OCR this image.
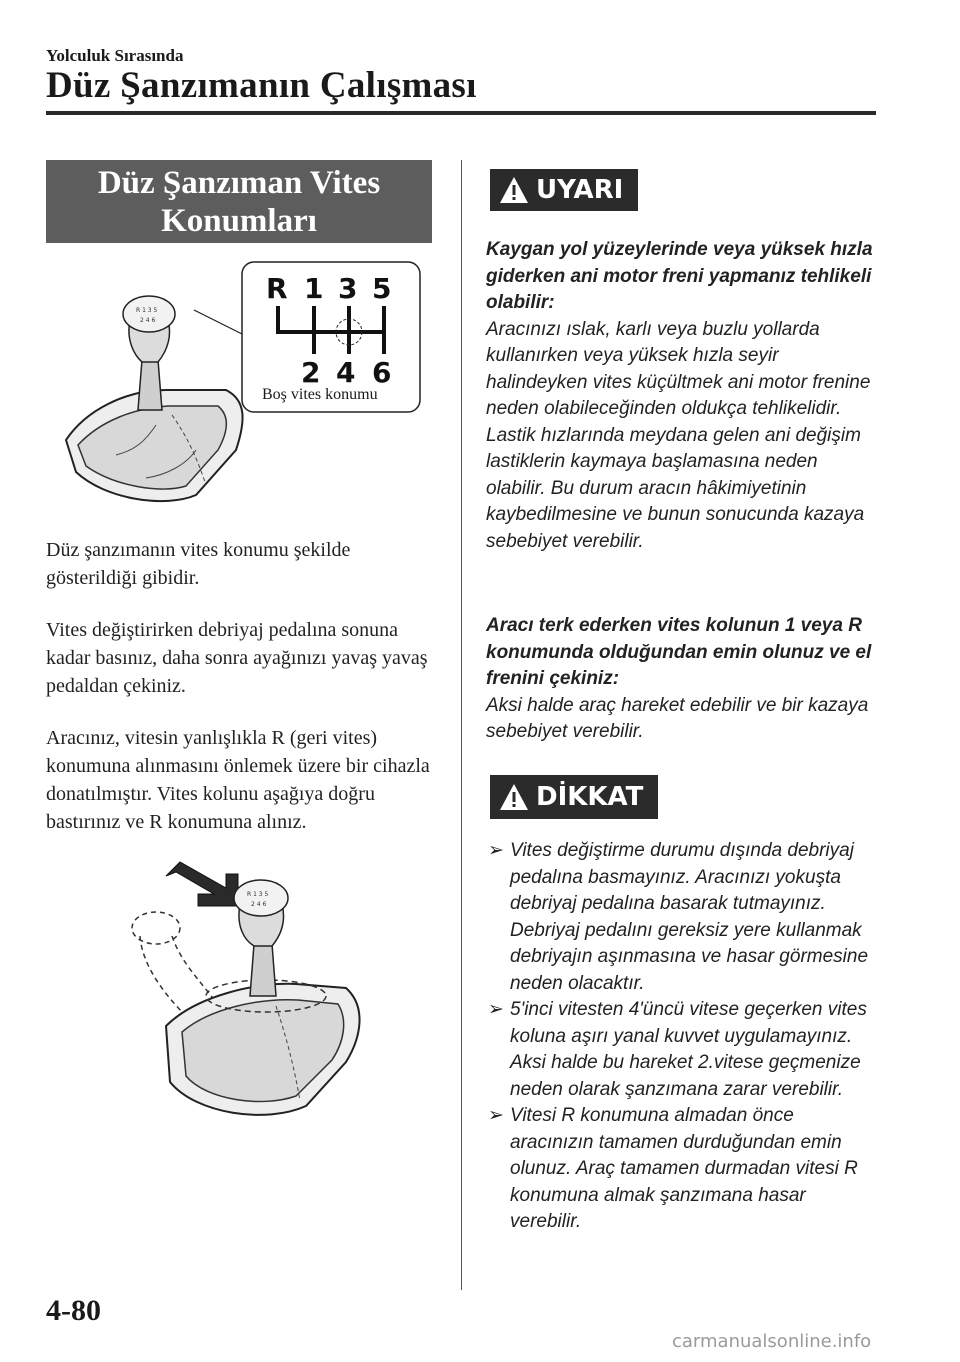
Yolculuk Sırasında
Düz Şanzımanın Çalışması
Düz Şanzıman Vites
Konumları
R 1 3 5
2 4 6
R 1 3 5
2 4 6
Boş vites konumu
Düz şanzımanın vites konumu şekilde gösterildiği gibidir.
Vites değiştirirken debriyaj pedalına sonuna kadar basınız, daha sonra ayağınızı yavaş yavaş pedaldan çekiniz.
Aracınız, vitesin yanlışlıkla R (geri vites) konumuna alınmasını önlemek üzere bir cihazla donatılmıştır. Vites kolunu aşağıya doğru bastırınız ve R konumuna alınız.
R 1 3 5
2 4 6
UYARI
Kaygan yol yüzeylerinde veya yüksek hızla giderken ani motor freni yapmanız tehlikeli olabilir:
Aracınızı ıslak, karlı veya buzlu yollarda kullanırken veya yüksek hızla seyir halindeyken vites küçültmek ani motor frenine neden olabileceğinden oldukça tehlikelidir. Lastik hızlarında meydana gelen ani değişim lastiklerin kaymaya başlamasına neden olabilir. Bu durum aracın hâkimiyetinin kaybedilmesine ve bunun sonucunda kazaya sebebiyet verebilir.
Aracı terk ederken vites kolunun 1 veya R konumunda olduğundan emin olunuz ve el frenini çekiniz:
Aksi halde araç hareket edebilir ve bir kazaya sebebiyet verebilir.
DİKKAT
➢ Vites değiştirme durumu dışında debriyaj pedalına basmayınız. Aracınızı yokuşta debriyaj pedalına basarak tutmayınız. Debriyaj pedalını gereksiz yere kullanmak debriyajın aşınmasına ve hasar görmesine neden olacaktır.
➢ 5'inci vitesten 4'üncü vitese geçerken vites koluna aşırı yanal kuvvet uygulamayınız. Aksi halde bu hareket 2.vitese geçmenize neden olarak şanzımana zarar verebilir.
➢ Vitesi R konumuna almadan önce aracınızın tamamen durduğundan emin olunuz. Araç tamamen durmadan vitesi R konumuna almak şanzımana hasar verebilir.
4-80
carmanualsonline.info
